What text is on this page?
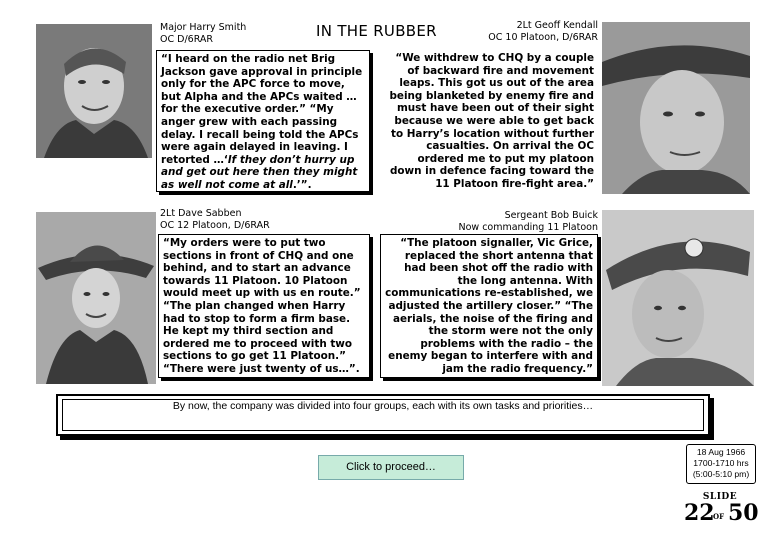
IN THE RUBBER
Major Harry Smith
OC D/6RAR
“I heard on the radio net Brig Jackson gave approval in principle only for the APC force to move, but Alpha and the APCs waited … for the executive order.” “My anger grew with each passing delay. I recall being told the APCs were again delayed in leaving. I retorted …‘If they don’t hurry up and get out here then they might as well not come at all.’”.
2Lt Geoff Kendall
OC 10 Platoon, D/6RAR
“We withdrew to CHQ by a couple of backward fire and movement leaps. This got us out of the area being blanketed by enemy fire and must have been out of their sight because we were able to get back to Harry’s location without further casualties. On arrival the OC ordered me to put my platoon down in defence facing toward the 11 Platoon fire-fight area.”
2Lt Dave Sabben
OC 12 Platoon, D/6RAR
“My orders were to put two sections in front of CHQ and one behind, and to start an advance towards 11 Platoon. 10 Platoon would meet up with us en route.” “The plan changed when Harry had to stop to form a firm base. He kept my third section and ordered me to proceed with two sections to go get 11 Platoon.” “There were just twenty of us…”.
Sergeant Bob Buick
Now commanding 11 Platoon
“The platoon signaller, Vic Grice, replaced the short antenna that had been shot off the radio with the long antenna. With communications re-established, we adjusted the artillery closer.” “The aerials, the noise of the firing and the storm were not the only problems with the radio – the enemy began to interfere with and jam the radio frequency.”
By now, the company was divided into four groups, each with its own tasks and priorities…
Click to proceed…
18 Aug 1966
1700-1710 hrs
(5:00-5:10 pm)
SLIDE
22
OF 50
